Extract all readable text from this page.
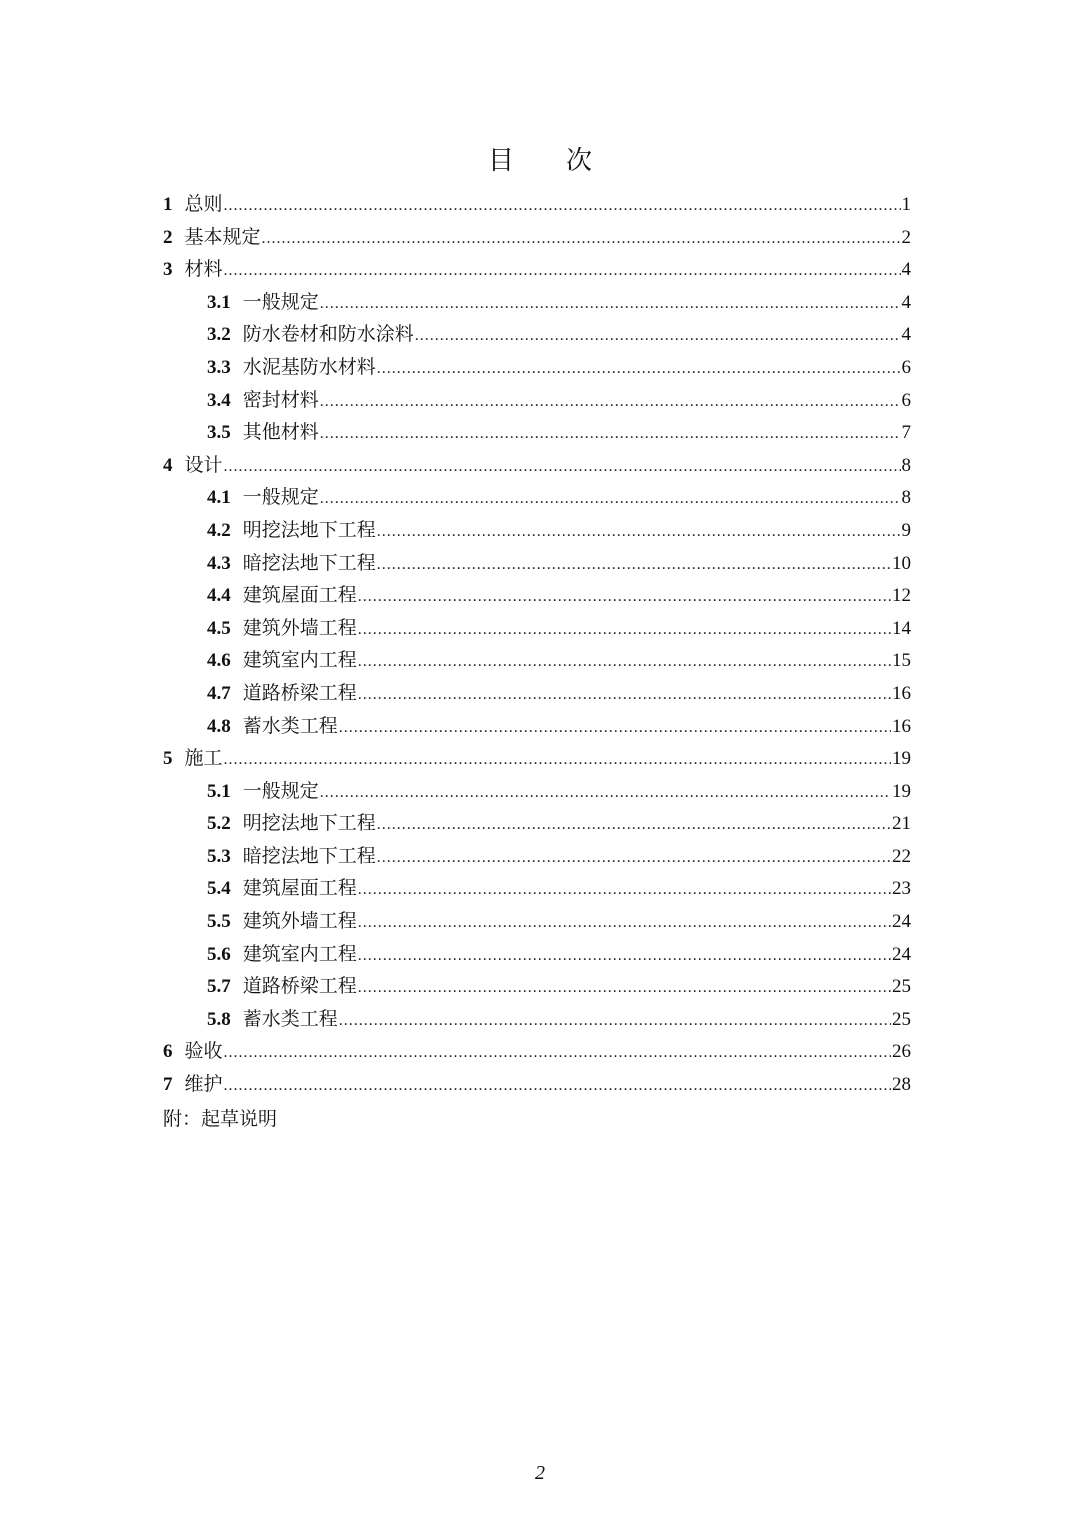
目 次
1 总则 .....	1
2 基本规定 .....	2
3 材料 .....	4
3.1 一般规定 .....	4
3.2 防水卷材和防水涂料 .....	4
3.3 水泥基防水材料 .....	6
3.4 密封材料 .....	6
3.5 其他材料 .....	7
4 设计 .....	8
4.1 一般规定 .....	8
4.2 明挖法地下工程 .....	9
4.3 暗挖法地下工程 .....	10
4.4 建筑屋面工程 .....	12
4.5 建筑外墙工程 .....	14
4.6 建筑室内工程 .....	15
4.7 道路桥梁工程 .....	16
4.8 蓄水类工程 .....	16
5 施工 .....	19
5.1 一般规定 .....	19
5.2 明挖法地下工程 .....	21
5.3 暗挖法地下工程 .....	22
5.4 建筑屋面工程 .....	23
5.5 建筑外墙工程 .....	24
5.6 建筑室内工程 .....	24
5.7 道路桥梁工程 .....	25
5.8 蓄水类工程 .....	25
6 验收 .....	26
7 维护 .....	28
附：起草说明
2
